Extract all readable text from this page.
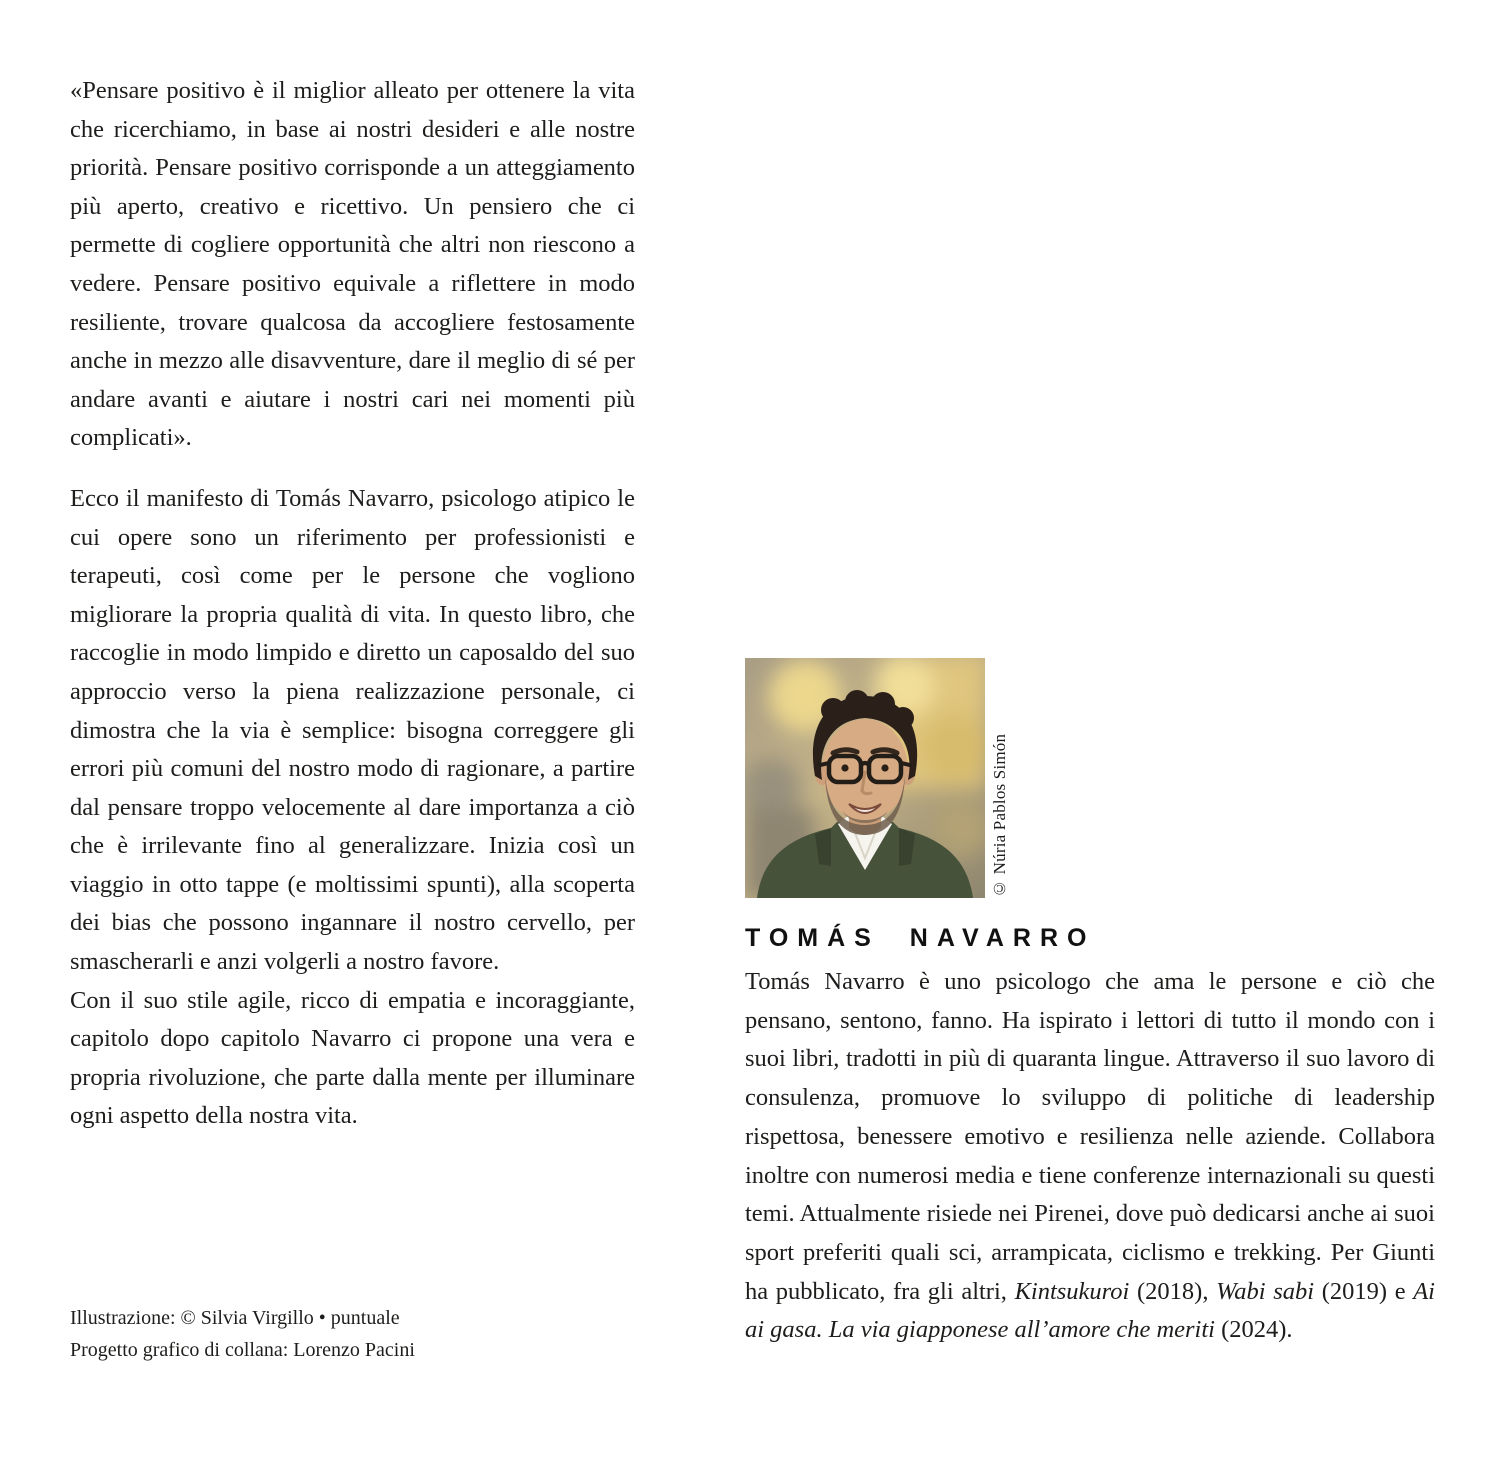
«Pensare positivo è il miglior alleato per ottenere la vita che ricerchiamo, in base ai nostri desideri e alle nostre priorità. Pensare positivo corrisponde a un atteggiamento più aperto, creativo e ricettivo. Un pensiero che ci permette di cogliere opportunità che altri non riescono a vedere. Pensare positivo equivale a riflettere in modo resiliente, trovare qualcosa da accogliere festosamente anche in mezzo alle disavventure, dare il meglio di sé per andare avanti e aiutare i nostri cari nei momenti più complicati».

Ecco il manifesto di Tomás Navarro, psicologo atipico le cui opere sono un riferimento per professionisti e terapeuti, così come per le persone che vogliono migliorare la propria qualità di vita. In questo libro, che raccoglie in modo limpido e diretto un caposaldo del suo approccio verso la piena realizzazione personale, ci dimostra che la via è semplice: bisogna correggere gli errori più comuni del nostro modo di ragionare, a partire dal pensare troppo velocemente al dare importanza a ciò che è irrilevante fino al generalizzare. Inizia così un viaggio in otto tappe (e moltissimi spunti), alla scoperta dei bias che possono ingannare il nostro cervello, per smascherarli e anzi volgerli a nostro favore.

Con il suo stile agile, ricco di empatia e incoraggiante, capitolo dopo capitolo Navarro ci propone una vera e propria rivoluzione, che parte dalla mente per illuminare ogni aspetto della nostra vita.

Illustrazione: © Silvia Virgillo • puntuale
Progetto grafico di collana: Lorenzo Pacini
© Núria Pablos Simón
TOMÁS NAVARRO

Tomás Navarro è uno psicologo che ama le persone e ciò che pensano, sentono, fanno. Ha ispirato i lettori di tutto il mondo con i suoi libri, tradotti in più di quaranta lingue. Attraverso il suo lavoro di consulenza, promuove lo sviluppo di politiche di leadership rispettosa, benessere emotivo e resilienza nelle aziende. Collabora inoltre con numerosi media e tiene conferenze internazionali su questi temi. Attualmente risiede nei Pirenei, dove può dedicarsi anche ai suoi sport preferiti quali sci, arrampicata, ciclismo e trekking. Per Giunti ha pubblicato, fra gli altri, Kintsukuroi (2018), Wabi sabi (2019) e Ai ai gasa. La via giapponese all’amore che meriti (2024).
